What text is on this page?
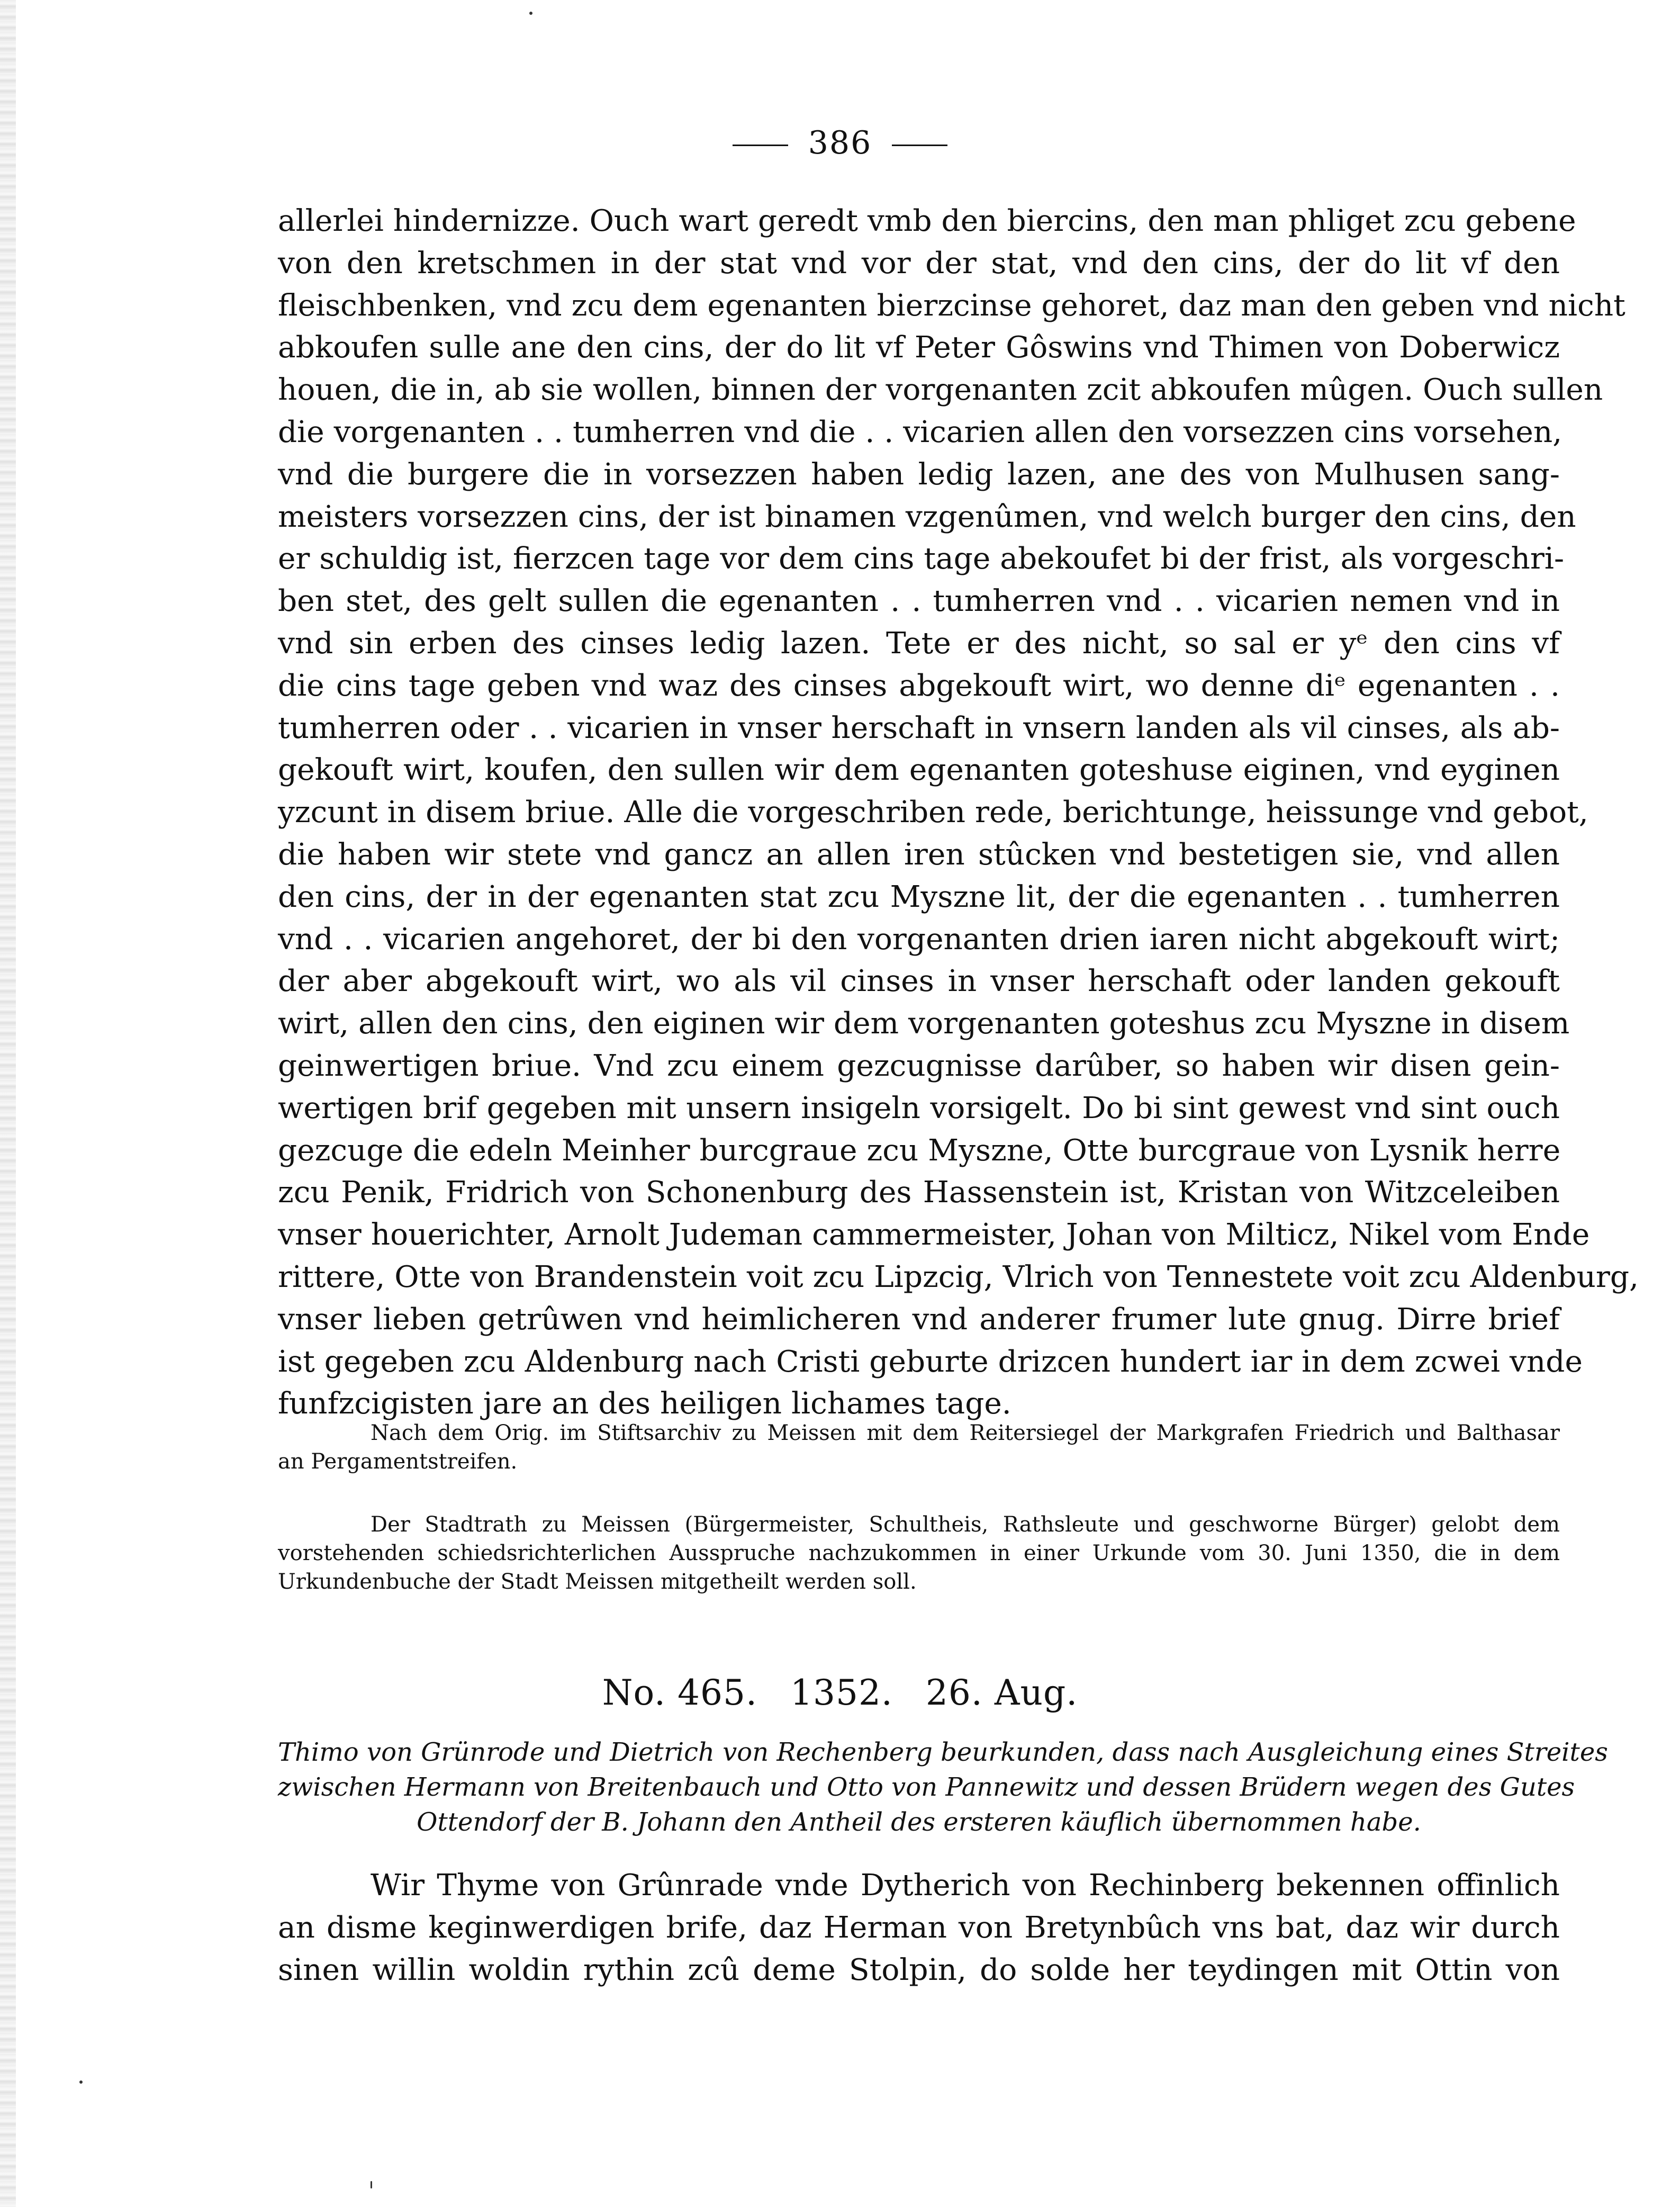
386
allerlei hindernizze. Ouch wart geredt vmb den biercins, den man phliget zcu gebene
von den kretschmen in der stat vnd vor der stat, vnd den cins, der do lit vf den
fleischbenken, vnd zcu dem egenanten bierzcinse gehoret, daz man den geben vnd nicht
abkoufen sulle ane den cins, der do lit vf Peter Gôswins vnd Thimen von Doberwicz
houen, die in, ab sie wollen, binnen der vorgenanten zcit abkoufen mûgen. Ouch sullen
die vorgenanten . . tumherren vnd die . . vicarien allen den vorsezzen cins vorsehen,
vnd die burgere die in vorsezzen haben ledig lazen, ane des von Mulhusen sang-
meisters vorsezzen cins, der ist binamen vzgenûmen, vnd welch burger den cins, den
er schuldig ist, fierzcen tage vor dem cins tage abekoufet bi der frist, als vorgeschri-
ben stet, des gelt sullen die egenanten . . tumherren vnd . . vicarien nemen vnd in
vnd sin erben des cinses ledig lazen. Tete er des nicht, so sal er yᵉ den cins vf
die cins tage geben vnd waz des cinses abgekouft wirt, wo denne diᵉ egenanten . .
tumherren oder . . vicarien in vnser herschaft in vnsern landen als vil cinses, als ab-
gekouft wirt, koufen, den sullen wir dem egenanten goteshuse eiginen, vnd eyginen
yzcunt in disem briue. Alle die vorgeschriben rede, berichtunge, heissunge vnd gebot,
die haben wir stete vnd gancz an allen iren stûcken vnd bestetigen sie, vnd allen
den cins, der in der egenanten stat zcu Myszne lit, der die egenanten . . tumherren
vnd . . vicarien angehoret, der bi den vorgenanten drien iaren nicht abgekouft wirt;
der aber abgekouft wirt, wo als vil cinses in vnser herschaft oder landen gekouft
wirt, allen den cins, den eiginen wir dem vorgenanten goteshus zcu Myszne in disem
geinwertigen briue. Vnd zcu einem gezcugnisse darûber, so haben wir disen gein-
wertigen brif gegeben mit unsern insigeln vorsigelt. Do bi sint gewest vnd sint ouch
gezcuge die edeln Meinher burcgraue zcu Myszne, Otte burcgraue von Lysnik herre
zcu Penik, Fridrich von Schonenburg des Hassenstein ist, Kristan von Witzceleiben
vnser houerichter, Arnolt Judeman cammermeister, Johan von Milticz, Nikel vom Ende
rittere, Otte von Brandenstein voit zcu Lipzcig, Vlrich von Tennestete voit zcu Aldenburg,
vnser lieben getrûwen vnd heimlicheren vnd anderer frumer lute gnug. Dirre brief
ist gegeben zcu Aldenburg nach Cristi geburte drizcen hundert iar in dem zcwei vnde
funfzcigisten jare an des heiligen lichames tage.
Nach dem Orig. im Stiftsarchiv zu Meissen mit dem Reitersiegel der Markgrafen Friedrich und Balthasar
an Pergamentstreifen.
Der Stadtrath zu Meissen (Bürgermeister, Schultheis, Rathsleute und geschworne Bürger) gelobt dem
vorstehenden schiedsrichterlichen Ausspruche nachzukommen in einer Urkunde vom 30. Juni 1350, die in dem
Urkundenbuche der Stadt Meissen mitgetheilt werden soll.
No. 465. 1352. 26. Aug.
Thimo von Grünrode und Dietrich von Rechenberg beurkunden, dass nach Ausgleichung eines Streites
zwischen Hermann von Breitenbauch und Otto von Pannewitz und dessen Brüdern wegen des Gutes
Ottendorf der B. Johann den Antheil des ersteren käuflich übernommen habe.
Wir Thyme von Grûnrade vnde Dytherich von Rechinberg bekennen offinlich
an disme keginwerdigen brife, daz Herman von Bretynbûch vns bat, daz wir durch
sinen willin woldin rythin zcû deme Stolpin, do solde her teydingen mit Ottin von
